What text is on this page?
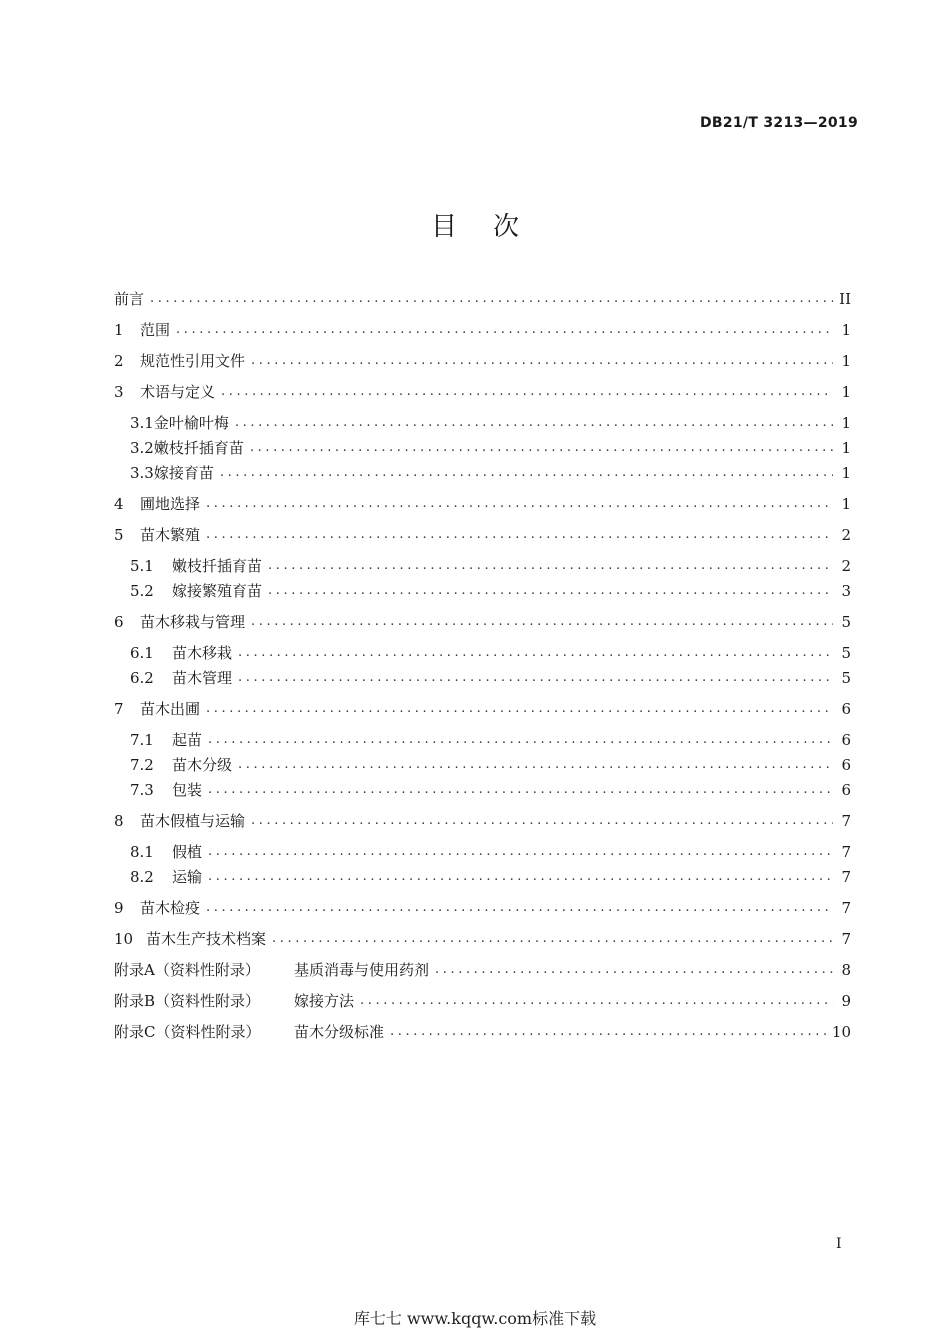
DB21/T 3213—2019
目 次
前言 .....	II
1	范围 .....	1
2	规范性引用文件 .....	1
3	术语与定义 .....	1
3.1 金叶榆叶梅 .....	1
3.2 嫩枝扦插育苗 .....	1
3.3 嫁接育苗 .....	1
4	圃地选择 .....	1
5	苗木繁殖 .....	2
5.1	嫩枝扦插育苗 .....	2
5.2	嫁接繁殖育苗 .....	3
6	苗木移栽与管理 .....	5
6.1	苗木移栽 .....	5
6.2	苗木管理 .....	5
7	苗木出圃 .....	6
7.1	起苗 .....	6
7.2	苗木分级 .....	6
7.3	包装 .....	6
8	苗木假植与运输 .....	7
8.1	假植 .....	7
8.2	运输 .....	7
9	苗木检疫 .....	7
10 苗木生产技术档案 .....	7
附录A（资料性附录）	基质消毒与使用药剂 .....	8
附录B（资料性附录）	嫁接方法 .....	9
附录C（资料性附录）	苗木分级标准 .....	10
I
库七七 www.kqqw.com标准下载
